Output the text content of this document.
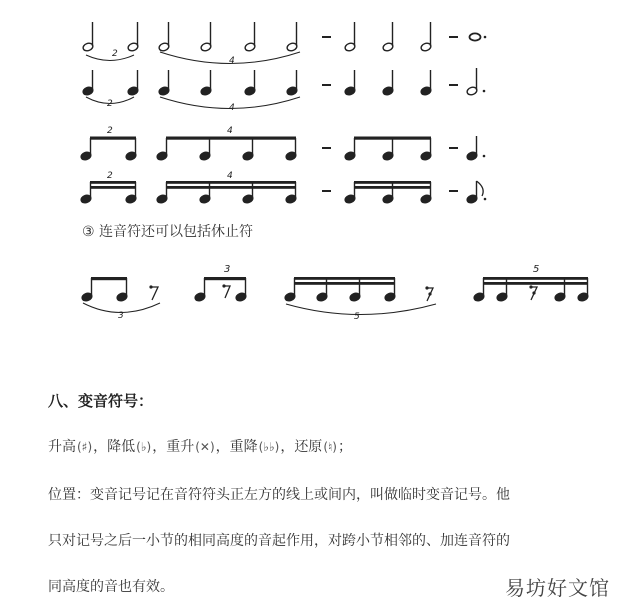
2
4
2	4
2	4
2	4
3
3
5
5
③ 连音符还可以包括休止符
八、变音符号：
升高(♯)，降低(♭)，重升(✕)，重降(♭♭)，还原(♮)；
位置：变音记号记在音符符头正左方的线上或间内，叫做临时变音记号。他
只对记号之后一小节的相同高度的音起作用，对跨小节相邻的、加连音符的
同高度的音也有效。	易坊好文馆
